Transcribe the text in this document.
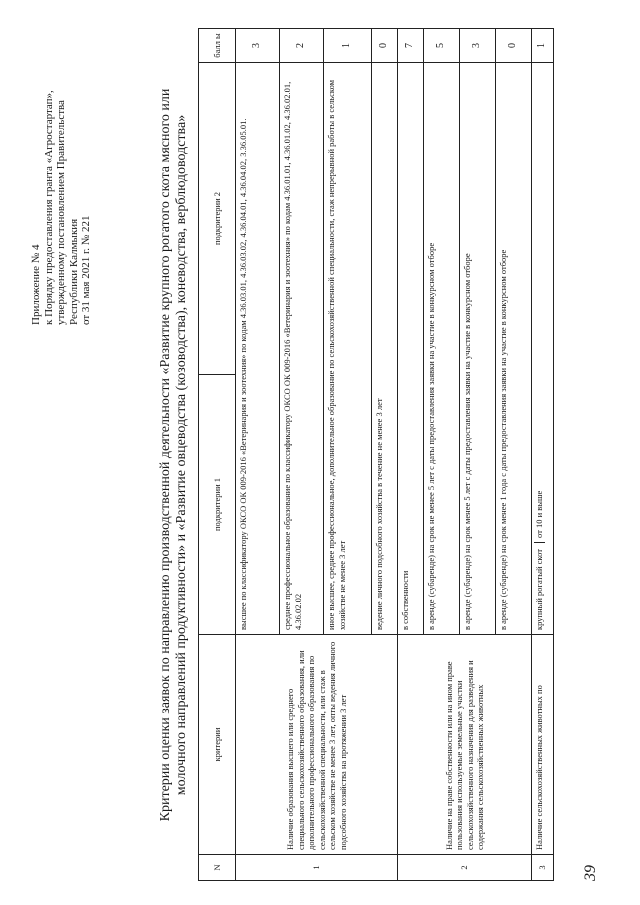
Приложение № 4 к Порядку предоставления гранта «Агростартап», утвержденному постановлением Правительства Республики Калмыкия от 31 мая 2021 г. № 221	Критерии оценки заявок по направлению производственной деятельности «Развитие крупного рогатого скота мясного или молочного направлений продуктивности» и «Развитие овцеводства (козоводства), коневодства, верблюдоводства»
N	критерии	подкритерии 1	подкритерии 2	балл ы
1	Наличие образования высшего или среднего специального сельскохозяйственного образования, или дополнительного профессионального образования по сельскохозяйственной специальности, или стаж в сельском хозяйстве не менее 3 лет, опты ведения личного подсобного хозяйства на протяжении 3 лет	высшее по классификатору ОКСО ОК 009-2016 «Ветеринария и зоотехния» по кодам 4.36.03.01, 4.36.03.02, 4.36.04.01, 4.36.04.02, 3.36.05.01.		3
		среднее профессиональное образование по классификатору ОКСО ОК 009-2016 «Ветеринария и зоотехния» по кодам 4.36.01.01, 4.36.01.02, 4.36.02.01, 4.36.02.02		2
		иное высшее, среднее профессиональное, дополнительное образование по сельскохозяйственной специальности, стаж непрерывной работы в сельском хозяйстве не менее 3 лет		1
		ведение личного подсобного хозяйства в течение не менее 3 лет		0
2	Наличие на праве собственности или на ином праве пользования используемые земельные участки сельскохозяйственного назначения для разведения и содержания сельскохозяйственных животных	в собственности		7
		в аренде (субаренде) на срок не менее 5 лет с даты предоставления заявки на участие в конкурсном отборе		5
		в аренде (субаренде) на срок менее 5 лет с даты предоставления заявки на участие в конкурсном отборе		3
		в аренде (субаренде) на срок менее 1 года с даты предоставления заявки на участие в конкурсном отборе		0
3	Наличие сельскохозяйственных животных по	крупный рогатый скотот 10 и выше		1
39
